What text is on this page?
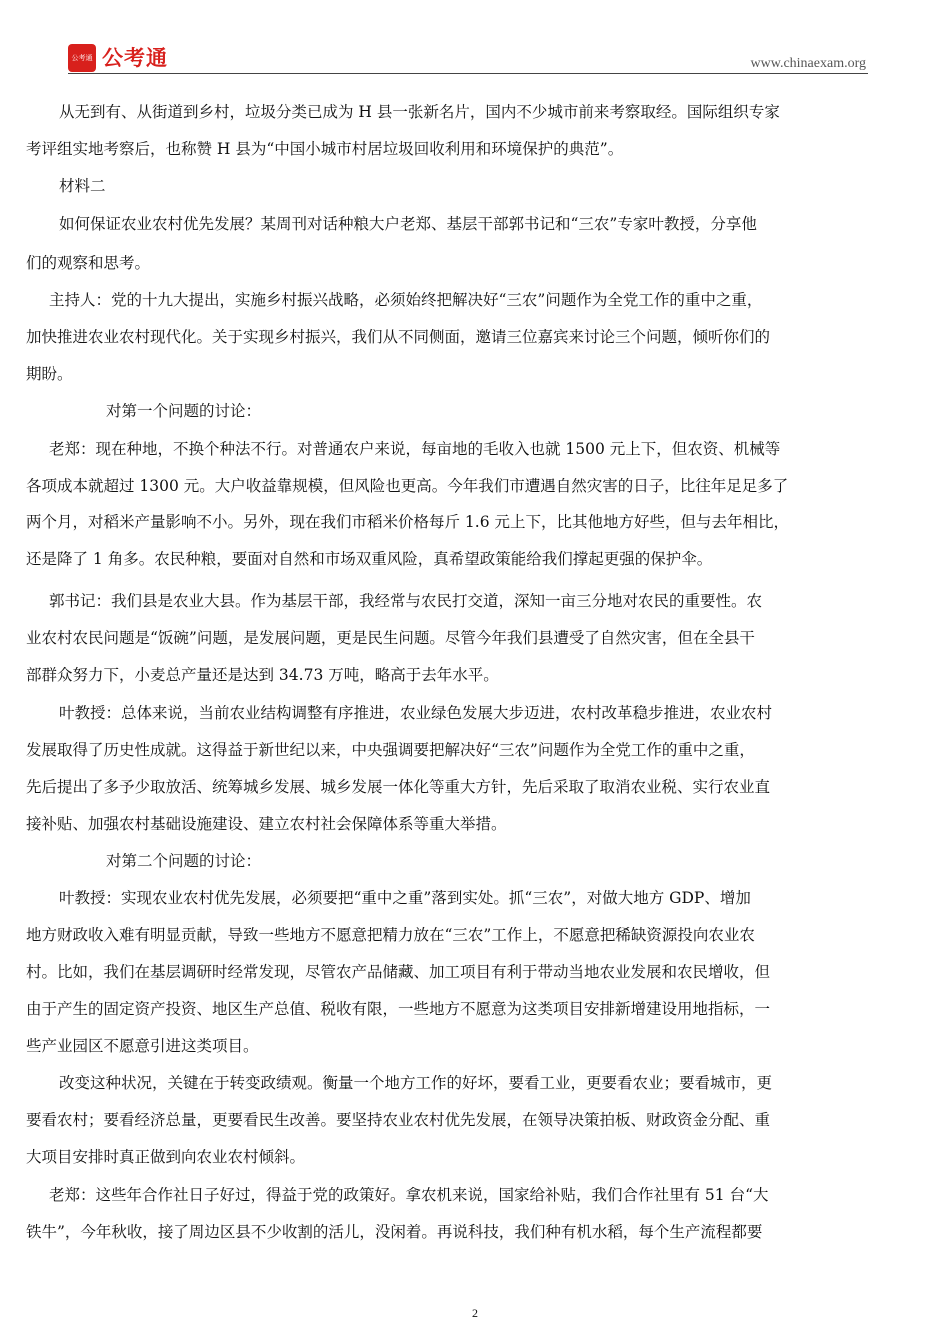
公考通 公考通	www.chinaexam.org
从无到有、从街道到乡村，垃圾分类已成为 H 县一张新名片，国内不少城市前来考察取经。国际组织专家
考评组实地考察后，也称赞 H 县为“中国小城市村居垃圾回收利用和环境保护的典范”。
材料二
如何保证农业农村优先发展？某周刊对话种粮大户老郑、基层干部郭书记和“三农”专家叶教授，分享他
们的观察和思考。
主持人：党的十九大提出，实施乡村振兴战略，必须始终把解决好“三农”问题作为全党工作的重中之重，
加快推进农业农村现代化。关于实现乡村振兴，我们从不同侧面，邀请三位嘉宾来讨论三个问题，倾听你们的
期盼。
对第一个问题的讨论：
老郑：现在种地，不换个种法不行。对普通农户来说，每亩地的毛收入也就 1500 元上下，但农资、机械等
各项成本就超过 1300 元。大户收益靠规模，但风险也更高。今年我们市遭遇自然灾害的日子，比往年足足多了
两个月，对稻米产量影响不小。另外，现在我们市稻米价格每斤 1.6 元上下，比其他地方好些，但与去年相比，
还是降了 1 角多。农民种粮，要面对自然和市场双重风险，真希望政策能给我们撑起更强的保护伞。
郭书记：我们县是农业大县。作为基层干部，我经常与农民打交道，深知一亩三分地对农民的重要性。农
业农村农民问题是“饭碗”问题，是发展问题，更是民生问题。尽管今年我们县遭受了自然灾害，但在全县干
部群众努力下，小麦总产量还是达到 34.73 万吨，略高于去年水平。
叶教授：总体来说，当前农业结构调整有序推进，农业绿色发展大步迈进，农村改革稳步推进，农业农村
发展取得了历史性成就。这得益于新世纪以来，中央强调要把解决好“三农”问题作为全党工作的重中之重，
先后提出了多予少取放活、统筹城乡发展、城乡发展一体化等重大方针，先后采取了取消农业税、实行农业直
接补贴、加强农村基础设施建设、建立农村社会保障体系等重大举措。
对第二个问题的讨论：
叶教授：实现农业农村优先发展，必须要把“重中之重”落到实处。抓“三农”，对做大地方 GDP、增加
地方财政收入难有明显贡献，导致一些地方不愿意把精力放在“三农”工作上，不愿意把稀缺资源投向农业农
村。比如，我们在基层调研时经常发现，尽管农产品储藏、加工项目有利于带动当地农业发展和农民增收，但
由于产生的固定资产投资、地区生产总值、税收有限，一些地方不愿意为这类项目安排新增建设用地指标，一
些产业园区不愿意引进这类项目。
改变这种状况，关键在于转变政绩观。衡量一个地方工作的好坏，要看工业，更要看农业；要看城市，更
要看农村；要看经济总量，更要看民生改善。要坚持农业农村优先发展，在领导决策拍板、财政资金分配、重
大项目安排时真正做到向农业农村倾斜。
老郑：这些年合作社日子好过，得益于党的政策好。拿农机来说，国家给补贴，我们合作社里有 51 台“大
铁牛”，今年秋收，接了周边区县不少收割的活儿，没闲着。再说科技，我们种有机水稻，每个生产流程都要
2
